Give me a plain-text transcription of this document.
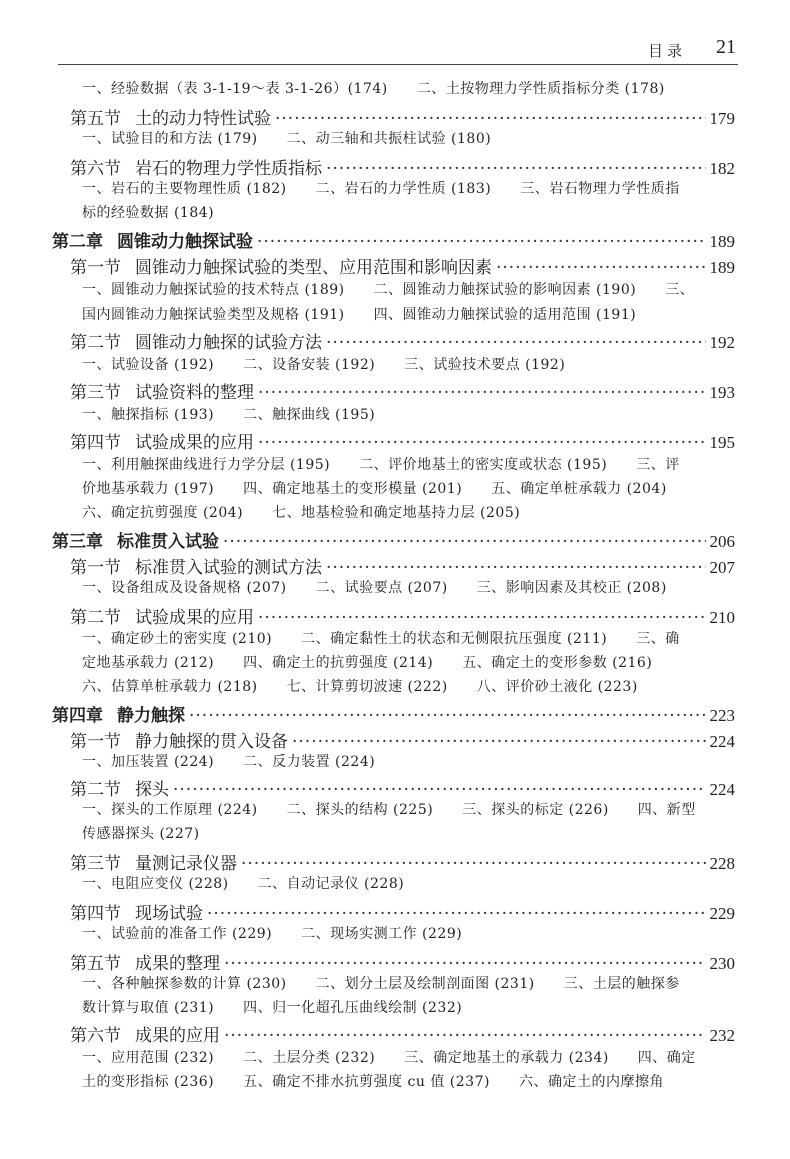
目录 21
一、经验数据（表 3-1-19～表 3-1-26）(174)　　二、土按物理力学性质指标分类 (178)
第五节 土的动力特性试验 ·····	179
一、试验目的和方法 (179)　　二、动三轴和共振柱试验 (180)
第六节 岩石的物理力学性质指标 ·····	182
一、岩石的主要物理性质 (182)　　二、岩石的力学性质 (183)　　三、岩石物理力学性质指
标的经验数据 (184)
第二章 圆锥动力触探试验 ·····	189
第一节 圆锥动力触探试验的类型、应用范围和影响因素 ·····	189
一、圆锥动力触探试验的技术特点 (189)　　二、圆锥动力触探试验的影响因素 (190)　　三、
国内圆锥动力触探试验类型及规格 (191)　　四、圆锥动力触探试验的适用范围 (191)
第二节 圆锥动力触探的试验方法 ·····	192
一、试验设备 (192)　　二、设备安装 (192)　　三、试验技术要点 (192)
第三节 试验资料的整理 ·····	193
一、触探指标 (193)　　二、触探曲线 (195)
第四节 试验成果的应用 ·····	195
一、利用触探曲线进行力学分层 (195)　　二、评价地基土的密实度或状态 (195)　　三、评
价地基承载力 (197)　　四、确定地基土的变形模量 (201)　　五、确定单桩承载力 (204)
六、确定抗剪强度 (204)　　七、地基检验和确定地基持力层 (205)
第三章 标准贯入试验 ·····	206
第一节 标准贯入试验的测试方法 ·····	207
一、设备组成及设备规格 (207)　　二、试验要点 (207)　　三、影响因素及其校正 (208)
第二节 试验成果的应用 ·····	210
一、确定砂土的密实度 (210)　　二、确定黏性土的状态和无侧限抗压强度 (211)　　三、确
定地基承载力 (212)　　四、确定土的抗剪强度 (214)　　五、确定土的变形参数 (216)
六、估算单桩承载力 (218)　　七、计算剪切波速 (222)　　八、评价砂土液化 (223)
第四章 静力触探 ·····	223
第一节 静力触探的贯入设备 ·····	224
一、加压装置 (224)　　二、反力装置 (224)
第二节 探头 ·····	224
一、探头的工作原理 (224)　　二、探头的结构 (225)　　三、探头的标定 (226)　　四、新型
传感器探头 (227)
第三节 量测记录仪器 ·····	228
一、电阻应变仪 (228)　　二、自动记录仪 (228)
第四节 现场试验 ·····	229
一、试验前的准备工作 (229)　　二、现场实测工作 (229)
第五节 成果的整理 ·····	230
一、各种触探参数的计算 (230)　　二、划分土层及绘制剖面图 (231)　　三、土层的触探参
数计算与取值 (231)　　四、归一化超孔压曲线绘制 (232)
第六节 成果的应用 ·····	232
一、应用范围 (232)　　二、土层分类 (232)　　三、确定地基土的承载力 (234)　　四、确定
土的变形指标 (236)　　五、确定不排水抗剪强度 cu 值 (237)　　六、确定土的内摩擦角
